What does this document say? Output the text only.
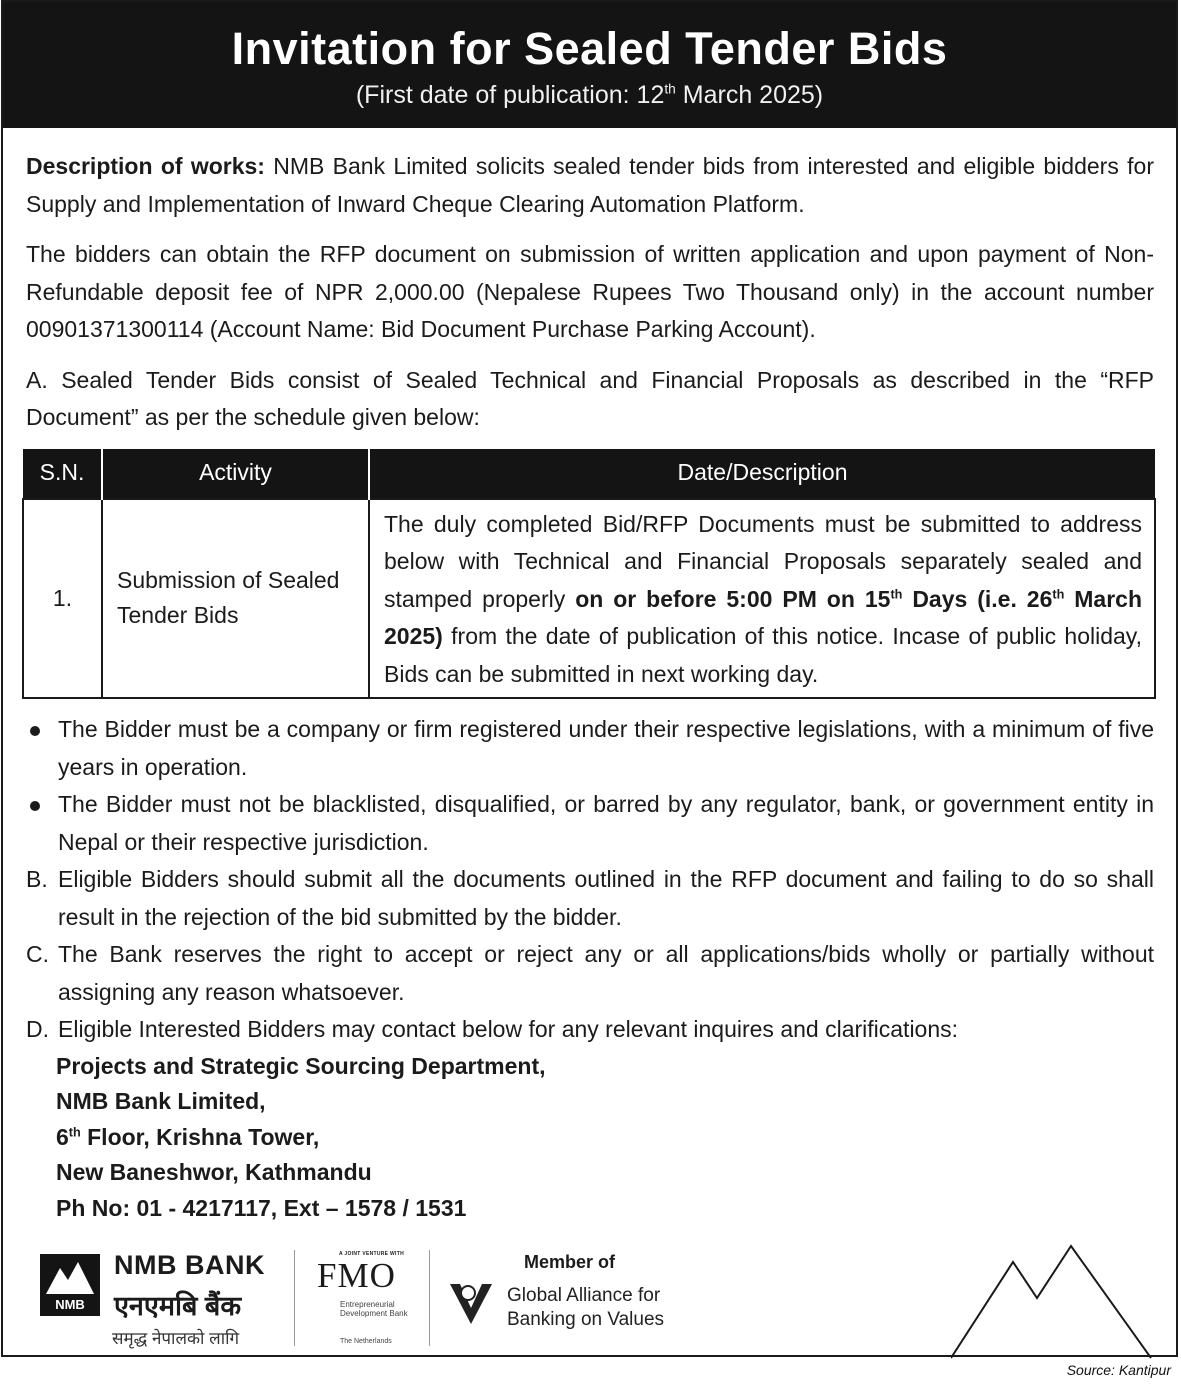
Invitation for Sealed Tender Bids
(First date of publication: 12th March 2025)

Description of works: NMB Bank Limited solicits sealed tender bids from interested and eligible bidders for Supply and Implementation of Inward Cheque Clearing Automation Platform.

The bidders can obtain the RFP document on submission of written application and upon payment of Non-Refundable deposit fee of NPR 2,000.00 (Nepalese Rupees Two Thousand only) in the account number 00901371300114 (Account Name: Bid Document Purchase Parking Account).

A. Sealed Tender Bids consist of Sealed Technical and Financial Proposals as described in the “RFP Document” as per the schedule given below:

S.N.	Activity	Date/Description
1.	Submission of Sealed Tender Bids	The duly completed Bid/RFP Documents must be submitted to address below with Technical and Financial Proposals separately sealed and stamped properly on or before 5:00 PM on 15th Days (i.e. 26th March 2025) from the date of publication of this notice. Incase of public holiday, Bids can be submitted in next working day.
The Bidder must be a company or firm registered under their respective legislations, with a minimum of five years in operation.
The Bidder must not be blacklisted, disqualified, or barred by any regulator, bank, or government entity in Nepal or their respective jurisdiction.

B. Eligible Bidders should submit all the documents outlined in the RFP document and failing to do so shall result in the rejection of the bid submitted by the bidder.

C. The Bank reserves the right to accept or reject any or all applications/bids wholly or partially without assigning any reason whatsoever.

D. Eligible Interested Bidders may contact below for any relevant inquires and clarifications:

Projects and Strategic Sourcing Department,
NMB Bank Limited,
6th Floor, Krishna Tower,
New Baneshwor, Kathmandu
Ph No: 01 - 4217117, Ext – 1578 / 1531
NMB
NMB BANK
एनएमबि बैंक
समृद्ध नेपालको लागि
A JOINT VENTURE WITH
FMO
Entrepreneurial Development Bank
The Netherlands
Member of
Global Alliance for
Banking on Values
Source: Kantipur
